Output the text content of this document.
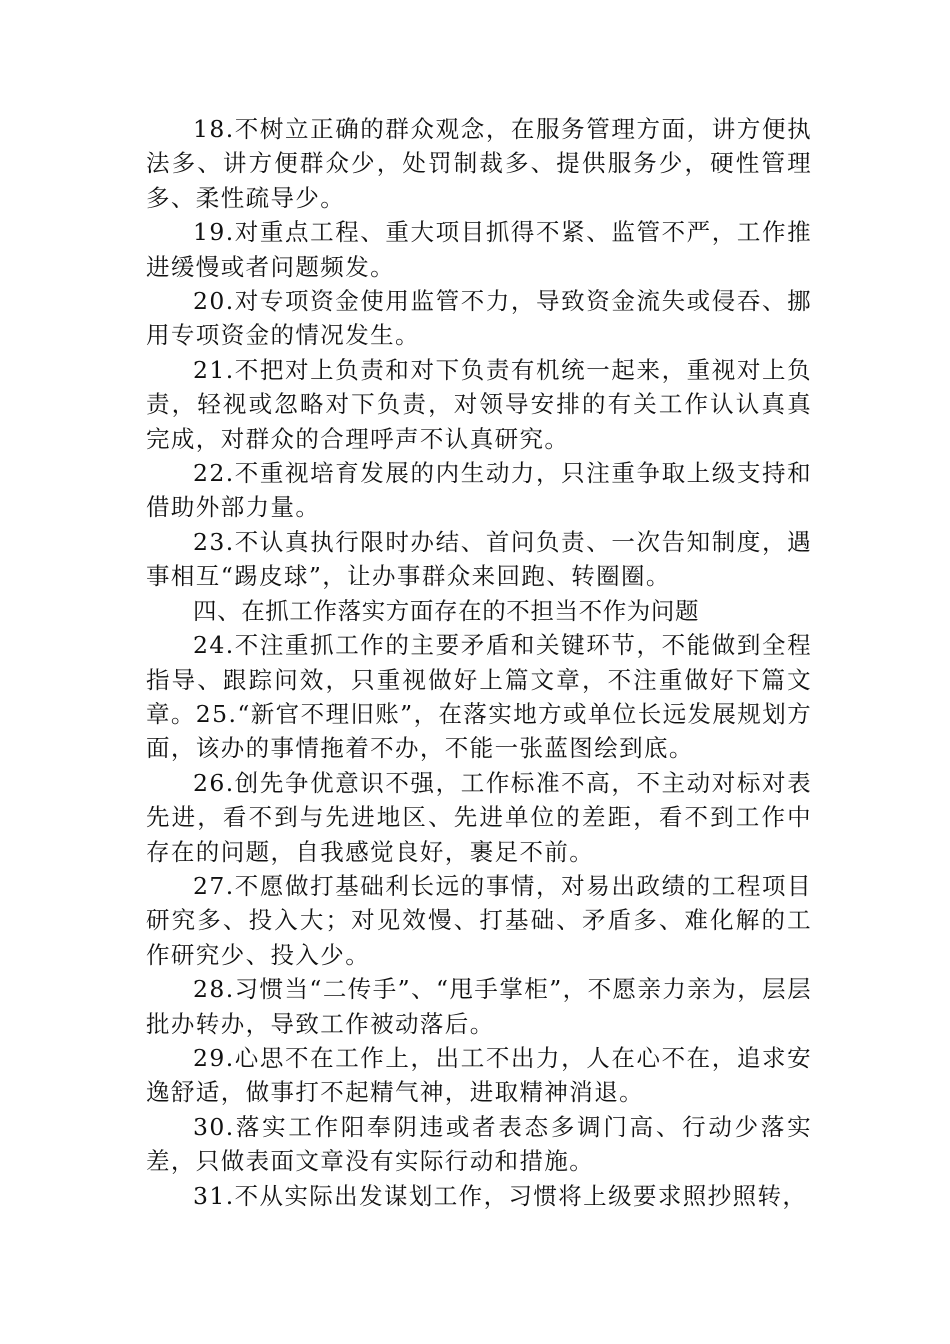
18.不树立正确的群众观念，在服务管理方面，讲方便执法多、讲方便群众少，处罚制裁多、提供服务少，硬性管理多、柔性疏导少。

19.对重点工程、重大项目抓得不紧、监管不严，工作推进缓慢或者问题频发。

20.对专项资金使用监管不力，导致资金流失或侵吞、挪用专项资金的情况发生。

21.不把对上负责和对下负责有机统一起来，重视对上负责，轻视或忽略对下负责，对领导安排的有关工作认认真真完成，对群众的合理呼声不认真研究。

22.不重视培育发展的内生动力，只注重争取上级支持和借助外部力量。

23.不认真执行限时办结、首问负责、一次告知制度，遇事相互“踢皮球”，让办事群众来回跑、转圈圈。

四、在抓工作落实方面存在的不担当不作为问题

24.不注重抓工作的主要矛盾和关键环节，不能做到全程指导、跟踪问效，只重视做好上篇文章，不注重做好下篇文章。25.“新官不理旧账”，在落实地方或单位长远发展规划方面，该办的事情拖着不办，不能一张蓝图绘到底。

26.创先争优意识不强，工作标准不高，不主动对标对表先进，看不到与先进地区、先进单位的差距，看不到工作中存在的问题，自我感觉良好，裹足不前。

27.不愿做打基础利长远的事情，对易出政绩的工程项目研究多、投入大；对见效慢、打基础、矛盾多、难化解的工作研究少、投入少。

28.习惯当“二传手”、“甩手掌柜”，不愿亲力亲为，层层批办转办，导致工作被动落后。

29.心思不在工作上，出工不出力，人在心不在，追求安逸舒适，做事打不起精气神，进取精神消退。

30.落实工作阳奉阴违或者表态多调门高、行动少落实差，只做表面文章没有实际行动和措施。

31.不从实际出发谋划工作，习惯将上级要求照抄照转，
